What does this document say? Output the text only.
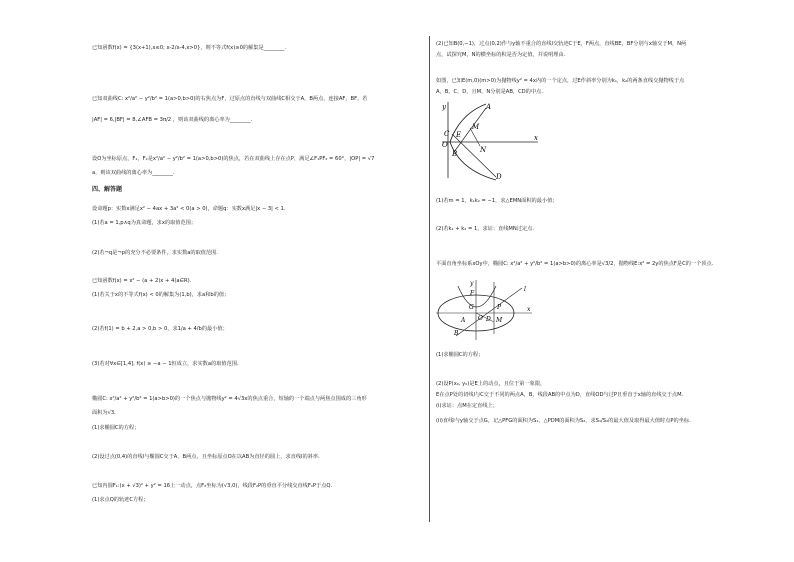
已知函数f(x) = {3(x+1),x≤0; x-2/x-4,x>0}，则不等式f(x)≥0的解集是________.
已知双曲线C: x²/a² − y²/b² = 1(a>0,b>0)的右焦点为F，过原点的直线与双曲线C相交于A，B两点，连接AF，BF，若
|AF| = 6,|BF| = 8,∠AFB = 3π/2 ，则该双曲线的离心率为________.
设O为坐标原点，F₁，F₂是x²/a² − y²/b² = 1(a>0,b>0)的焦点，若在双曲线上存在点P，满足∠F₁PF₂ = 60°，|OP| = √7
a，则该双曲线的离心率为________.
四、解答题
设命题p：实数x满足x² − 4ax + 3a² < 0(a > 0)，命题q：实数x满足|x − 3| < 1.
(1)若a = 1,p∧q为真命题，求x的取值范围；
(2)若¬q是¬p的充分不必要条件，求实数a的取值范围.
已知函数f(x) = x² − (a + 2)x + 4(a∈R).
(1)若关于x的不等式f(x) < 0的解集为(1,b)，求a和b的值；
(2)若f(1) = b + 2,a > 0,b > 0，求1/a + 4/b的最小值；
(3)若对∀x∈[1,4], f(x) ≥ −a − 1恒成立，求实数a的取值范围.
椭圆C: x²/a² + y²/b² = 1(a>b>0)的一个焦点与抛物线y² = 4√3x的焦点重合，短轴的一个端点与两焦点围成的三角形
面积为√3.
(1)求椭圆C的方程；
(2)设过点(0,4)的直线l与椭圆C交于A，B两点，且坐标原点O在以AB为直径的圆上，求直线l的斜率.
已知内圆F₁:(x + √3)² + y² = 16上一动点，点F₂坐标为(√3,0)，线段F₂P的垂直平分线交直线F₁P于点Q.
(1)求点Q的轨迹C方程；
(2)已知B(0,−1)，过点(0,2)作与y轴不重合的直线l交轨迹C于E，F两点，直线BE，BF分别与x轴交于M，N两
点，试探究M，N的横坐标的积是否为定值，并说明理由.
如图，已知E(m,0)(m>0)为抛物线y² = 4x内的一个定点，过E作斜率分别为k₁，k₂的两条直线交抛物线于点
A，B，C，D，且M，N分别是AB，CD的中点.
y	A
C E
M
O
B	N
D
x
(1)若m = 1，k₁k₂ = −1，求△EMN面积的最小值；
(2)若k₁ + k₂ = 1，求证：直线MN过定点.
平面直角坐标系xOy中，椭圆C: x²/a² + y²/b² = 1(a>b>0)的离心率是√3/2，抛物线E:x² = 2y的焦点F是C的一个顶点.
y
F
G	P
O D M
A
B
x
l
(1)求椭圆C的方程；
(2)设P(x₀, y₀)是E上的动点，且位于第一象限，
E在点P处的切线l与C交于不同的两点A，B，线段AB的中点为D，直线OD与过P且垂直于x轴的直线交于点M.
(i)求证：点M在定直线上；
(ii)直线l与y轴交于点G，记△PFG的面积为S₁，△PDM的面积为S₂，求S₁/S₂的最大值及取得最大值时点P的坐标.
